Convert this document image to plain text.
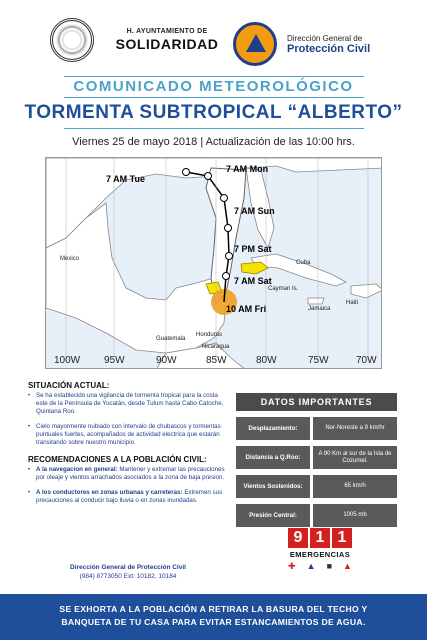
H. AYUNTAMIENTO DE
SOLIDARIDAD	Dirección General de
Protección Civil
COMUNICADO METEOROLÓGICO
TORMENTA SUBTROPICAL “ALBERTO”
Viernes 25 de mayo 2018 | Actualización de las 10:00 hrs.
7 AM Mon
7 AM Tue
7 AM Sun
7 PM Sat
7 AM Sat
10 AM Fri
Mexico
Cuba
Cayman Is.
Jamaica
Haiti
Honduras
Nicaragua
Guatemala
100W 95W	90W	85W	80W	75W	70W
SITUACIÓN ACTUAL:
• Se ha establecido una vigilancia de tormenta tropical para la costa este de la Península de Yucatán, desde Tulum hasta Cabo Catoche, Quintana Roo.
• Cielo mayormente nublado con intervalo de chubascos y tormentas puntuales fuertes, acompañados de actividad electrica que estarán transitando sobre nuestro municipio.
RECOMENDACIONES A LA POBLACIÓN CIVIL:
• A la navegacion en general: Mantener y extremar las precauciones por oleaje y vientos arrachados asociados a la zona de baja presion.
• A los conductores en zonas urbanas y carreteras: Extremen sus precauciones al conducir bajo lluvia o en zonas inundadas.
Dirección General de Protección Civil
(984) 8773050 Ext: 10182, 10184
DATOS IMPORTANTES
Desplazamiento:	Nor-Noreste a 9 km/hr
Distancia a Q.Roo:
A 90 Km al sur de la Isla de Cozumel.
Vientos Sostenidos:	65 km/h
Presión Central:	1005 mb
9 1 1
EMERGENCIAS
✚ ▲ ■ ▲
SE EXHORTA A LA POBLACIÓN A RETIRAR LA BASURA DEL TECHO Y
BANQUETA DE TU CASA PARA EVITAR ESTANCAMIENTOS DE AGUA.
